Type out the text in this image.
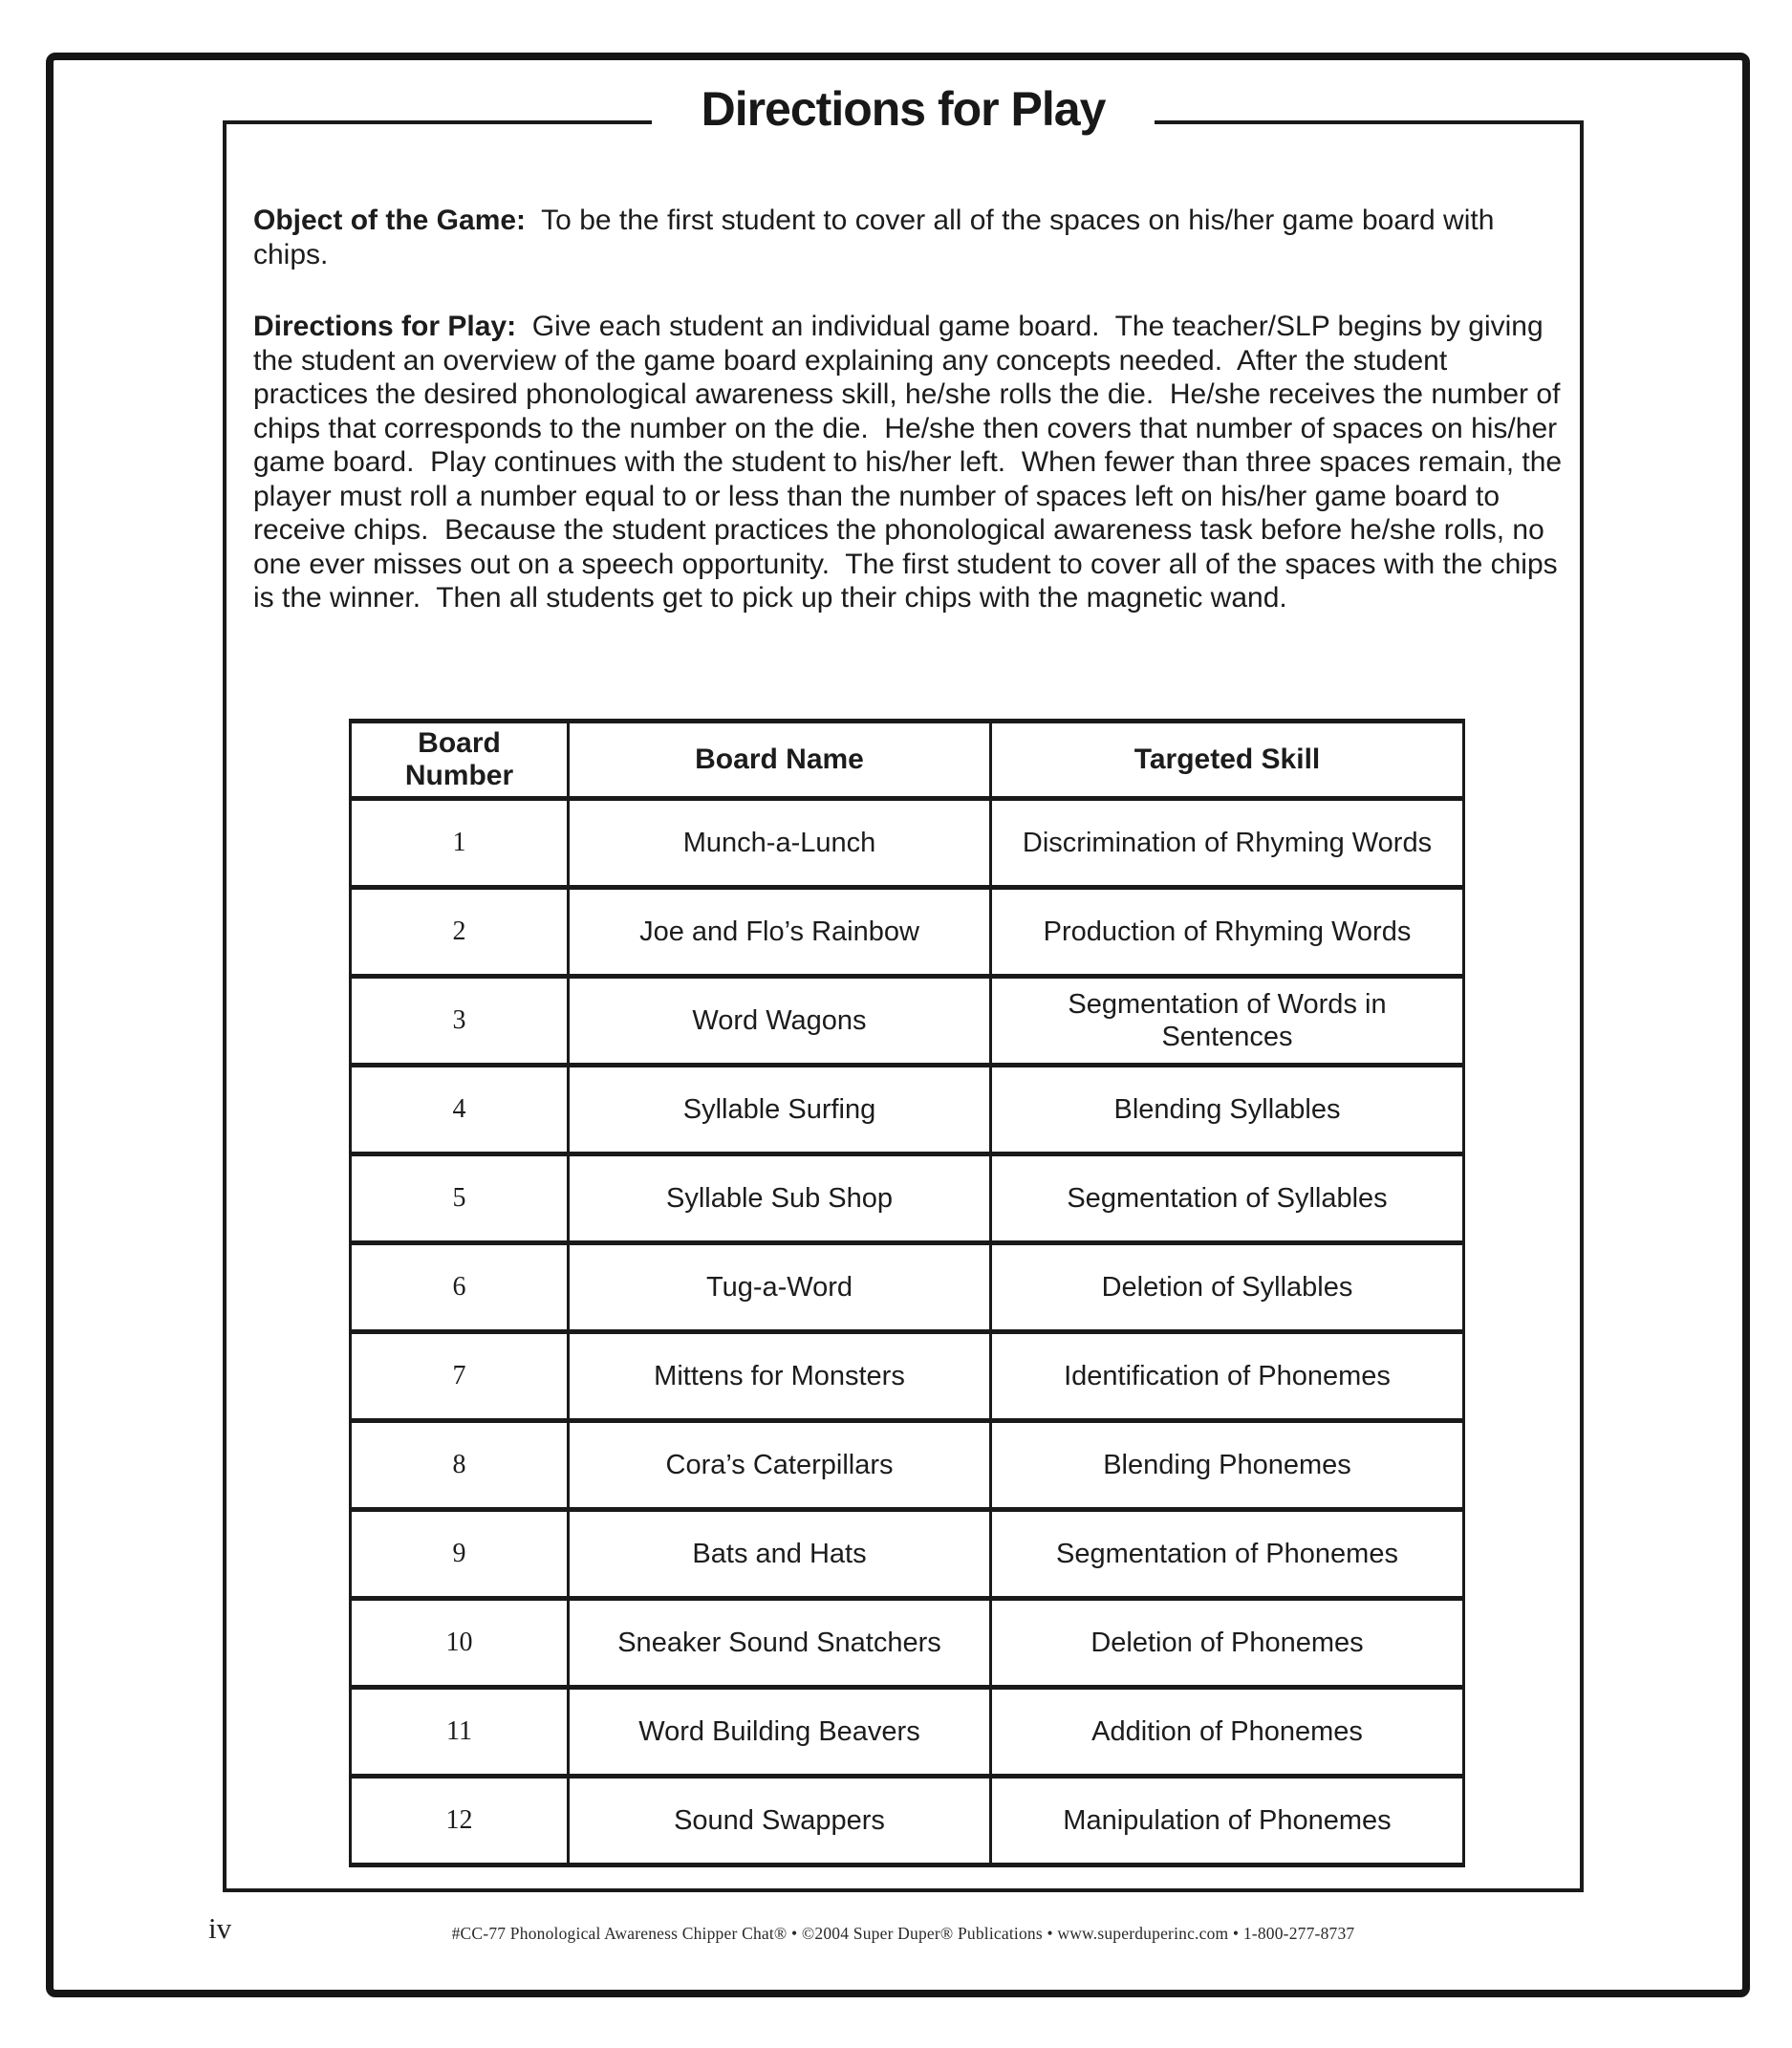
Directions for Play
Object of the Game:  To be the first student to cover all of the spaces on his/her game board with chips.
Directions for Play:  Give each student an individual game board.  The teacher/SLP begins by giving the student an overview of the game board explaining any concepts needed.  After the student practices the desired phonological awareness skill, he/she rolls the die.  He/she receives the number of chips that corresponds to the number on the die.  He/she then covers that number of spaces on his/her game board.  Play continues with the student to his/her left.  When fewer than three spaces remain, the player must roll a number equal to or less than the number of spaces left on his/her game board to receive chips.  Because the student practices the phonological awareness task before he/she rolls, no one ever misses out on a speech opportunity.  The first student to cover all of the spaces with the chips is the winner.  Then all students get to pick up their chips with the magnetic wand.
Board Number	Board Name	Targeted Skill
1	Munch-a-Lunch	Discrimination of Rhyming Words
2	Joe and Flo’s Rainbow	Production of Rhyming Words
3	Word Wagons	Segmentation of Words in Sentences
4	Syllable Surfing	Blending Syllables
5	Syllable Sub Shop	Segmentation of Syllables
6	Tug-a-Word	Deletion of Syllables
7	Mittens for Monsters	Identification of Phonemes
8	Cora’s Caterpillars	Blending Phonemes
9	Bats and Hats	Segmentation of Phonemes
10	Sneaker Sound Snatchers	Deletion of Phonemes
11	Word Building Beavers	Addition of Phonemes
12	Sound Swappers	Manipulation of Phonemes
iv	#CC-77 Phonological Awareness Chipper Chat® • ©2004 Super Duper® Publications • www.superduperinc.com • 1-800-277-8737
